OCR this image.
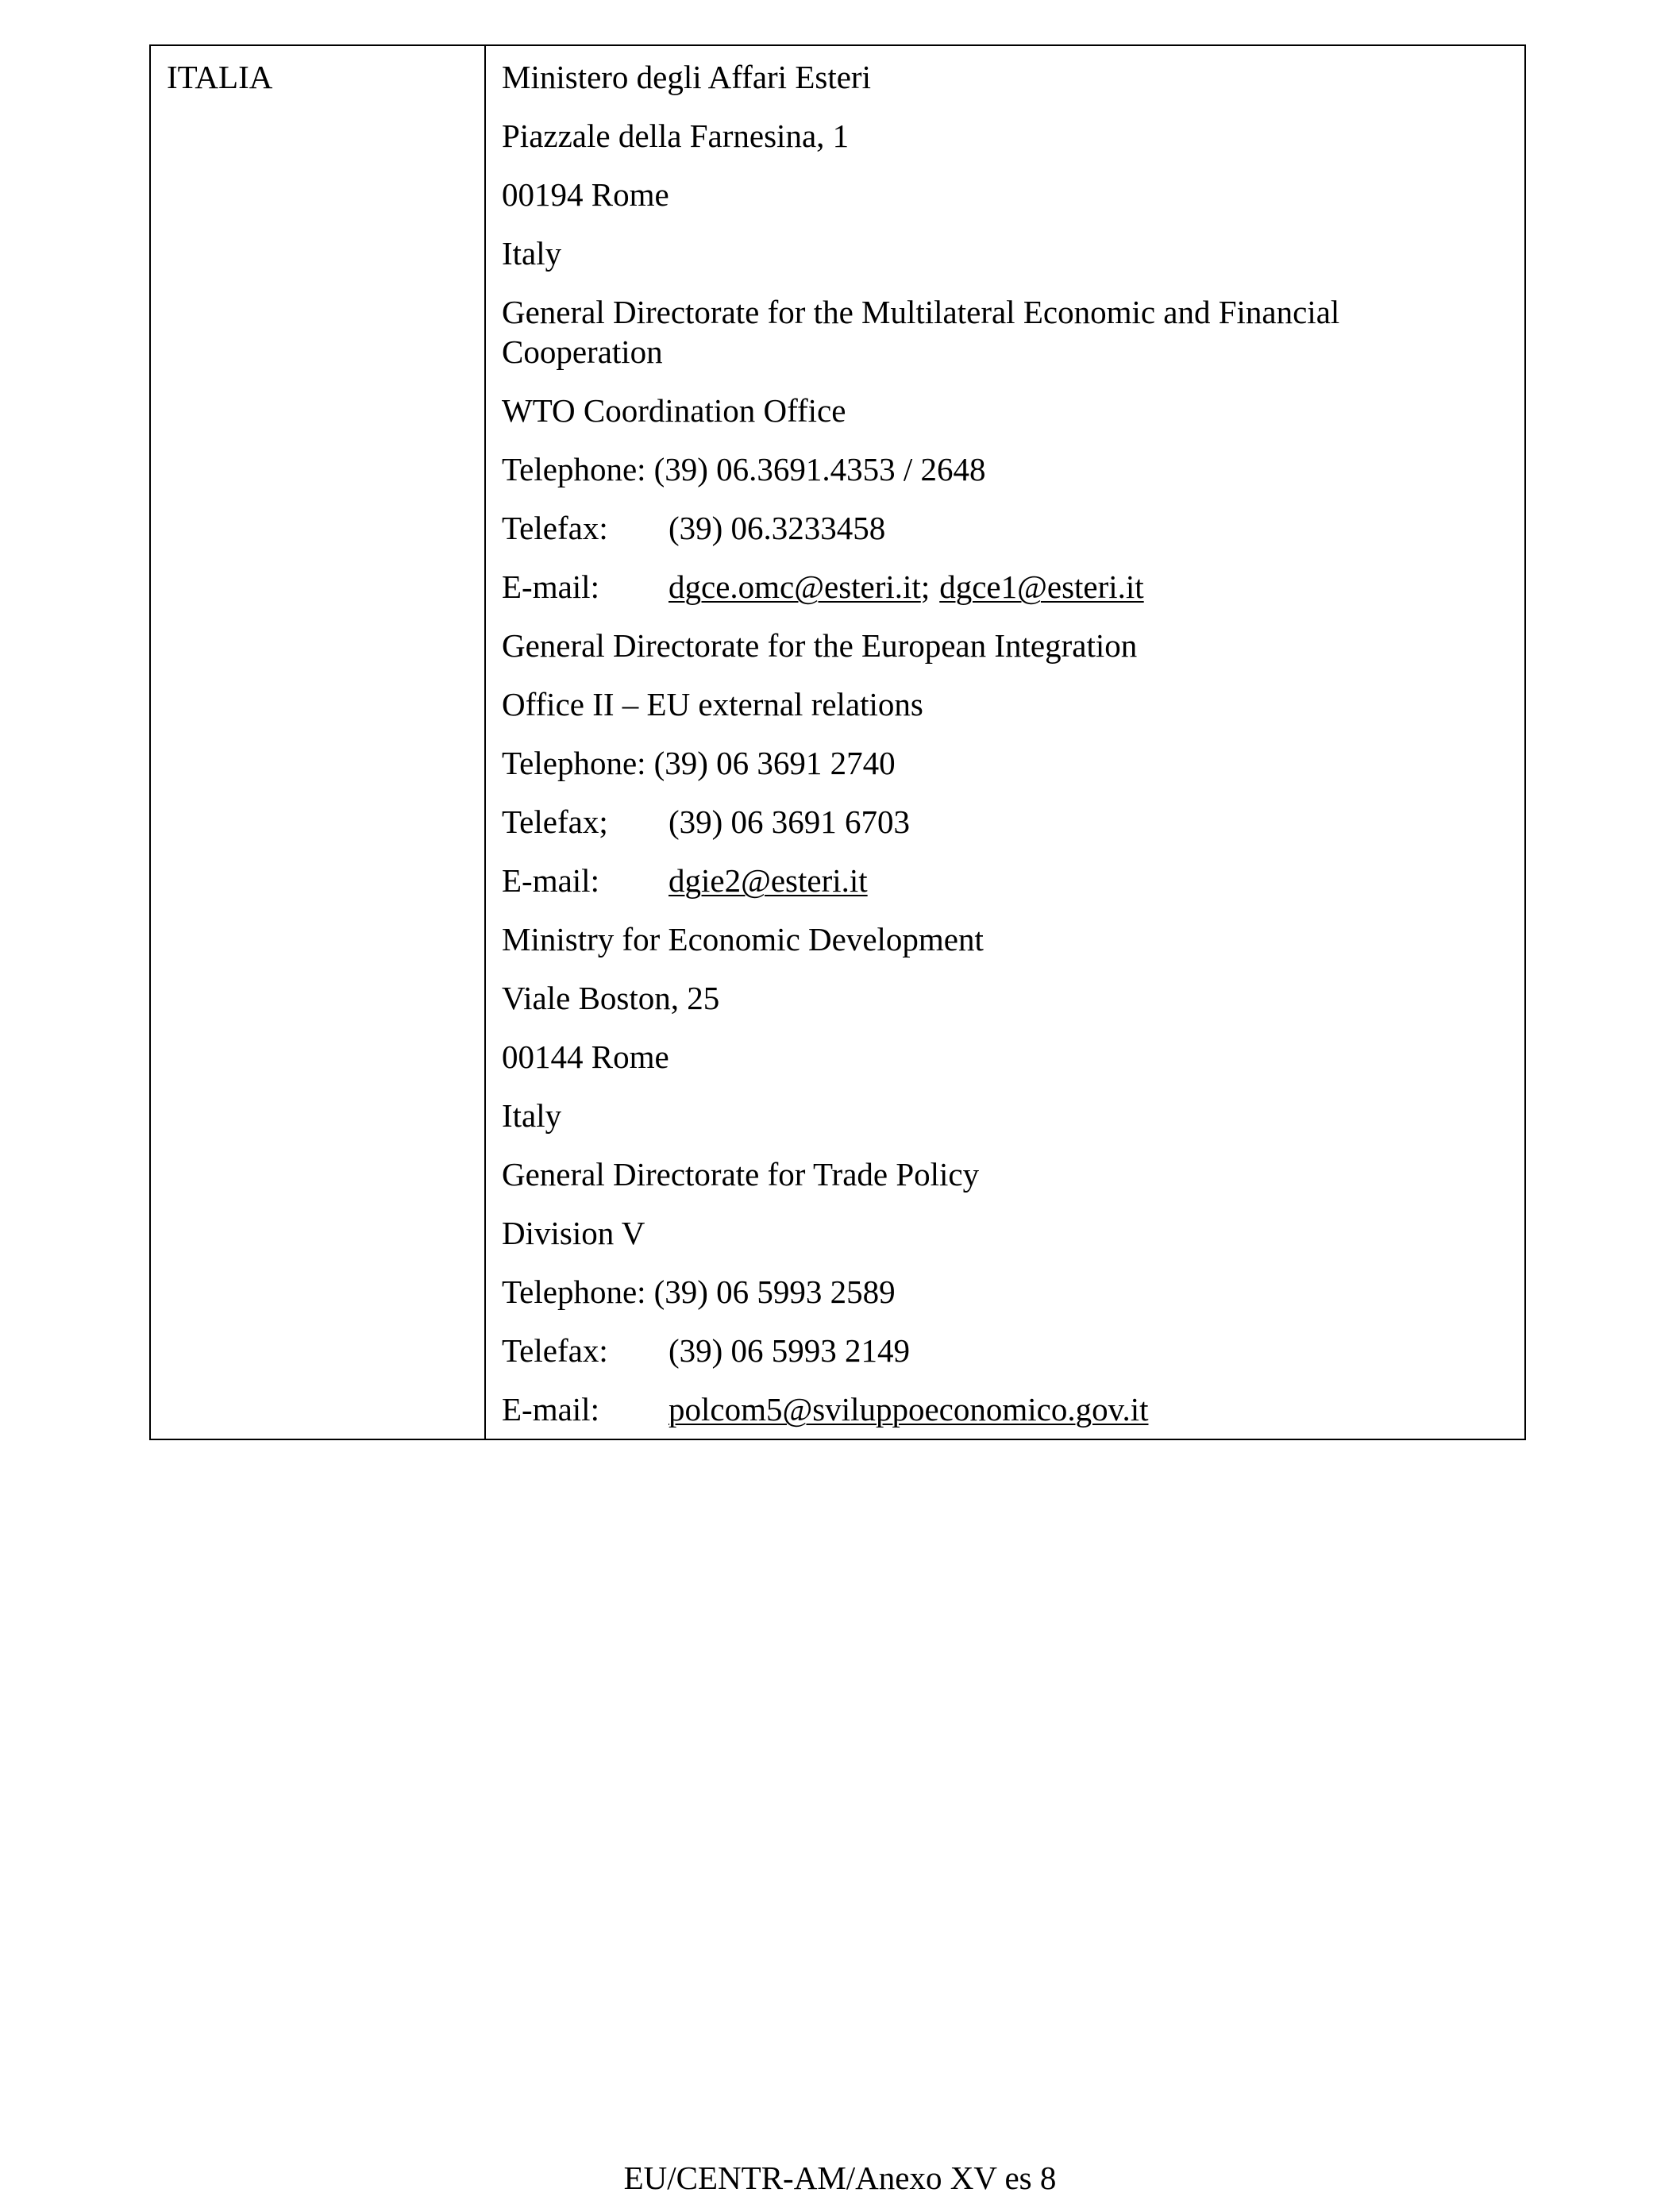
ITALIA	Ministero degli Affari Esteri
Piazzale della Farnesina, 1
00194 Rome
Italy
General Directorate for the Multilateral Economic and Financial Cooperation
WTO Coordination Office
Telephone: (39) 06.3691.4353 / 2648
Telefax:	(39) 06.3233458
E-mail:	dgce.omc@esteri.it ; dgce1@esteri.it
General Directorate for the European Integration
Office II – EU external relations
Telephone: (39) 06 3691 2740
Telefax;	(39) 06 3691 6703
E-mail:	dgie2@esteri.it
Ministry for Economic Development
Viale Boston, 25
00144 Rome
Italy
General Directorate for Trade Policy
Division V
Telephone: (39) 06 5993 2589
Telefax:	(39) 06 5993 2149
E-mail:	polcom5@sviluppoeconomico.gov.it
EU/CENTR-AM/Anexo XV es 8
